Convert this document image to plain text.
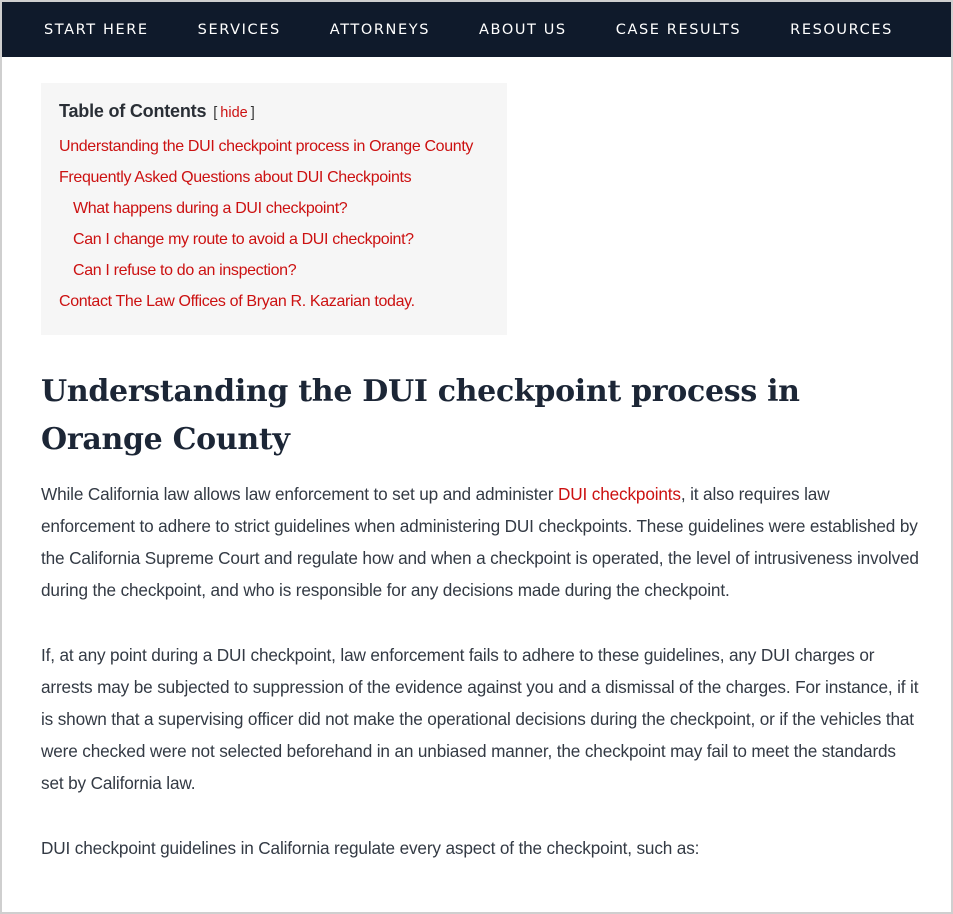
START HERE	SERVICES	ATTORNEYS	ABOUT US	CASE RESULTS	RESOURCES
Table of Contents [ hide ]
Understanding the DUI checkpoint process in Orange County
Frequently Asked Questions about DUI Checkpoints
What happens during a DUI checkpoint?
Can I change my route to avoid a DUI checkpoint?
Can I refuse to do an inspection?
Contact The Law Offices of Bryan R. Kazarian today.
Understanding the DUI checkpoint process in Orange County

While California law allows law enforcement to set up and administer DUI checkpoints, it also requires law enforcement to adhere to strict guidelines when administering DUI checkpoints. These guidelines were established by the California Supreme Court and regulate how and when a checkpoint is operated, the level of intrusiveness involved during the checkpoint, and who is responsible for any decisions made during the checkpoint.

If, at any point during a DUI checkpoint, law enforcement fails to adhere to these guidelines, any DUI charges or arrests may be subjected to suppression of the evidence against you and a dismissal of the charges. For instance, if it is shown that a supervising officer did not make the operational decisions during the checkpoint, or if the vehicles that were checked were not selected beforehand in an unbiased manner, the checkpoint may fail to meet the standards set by California law.

DUI checkpoint guidelines in California regulate every aspect of the checkpoint, such as:
